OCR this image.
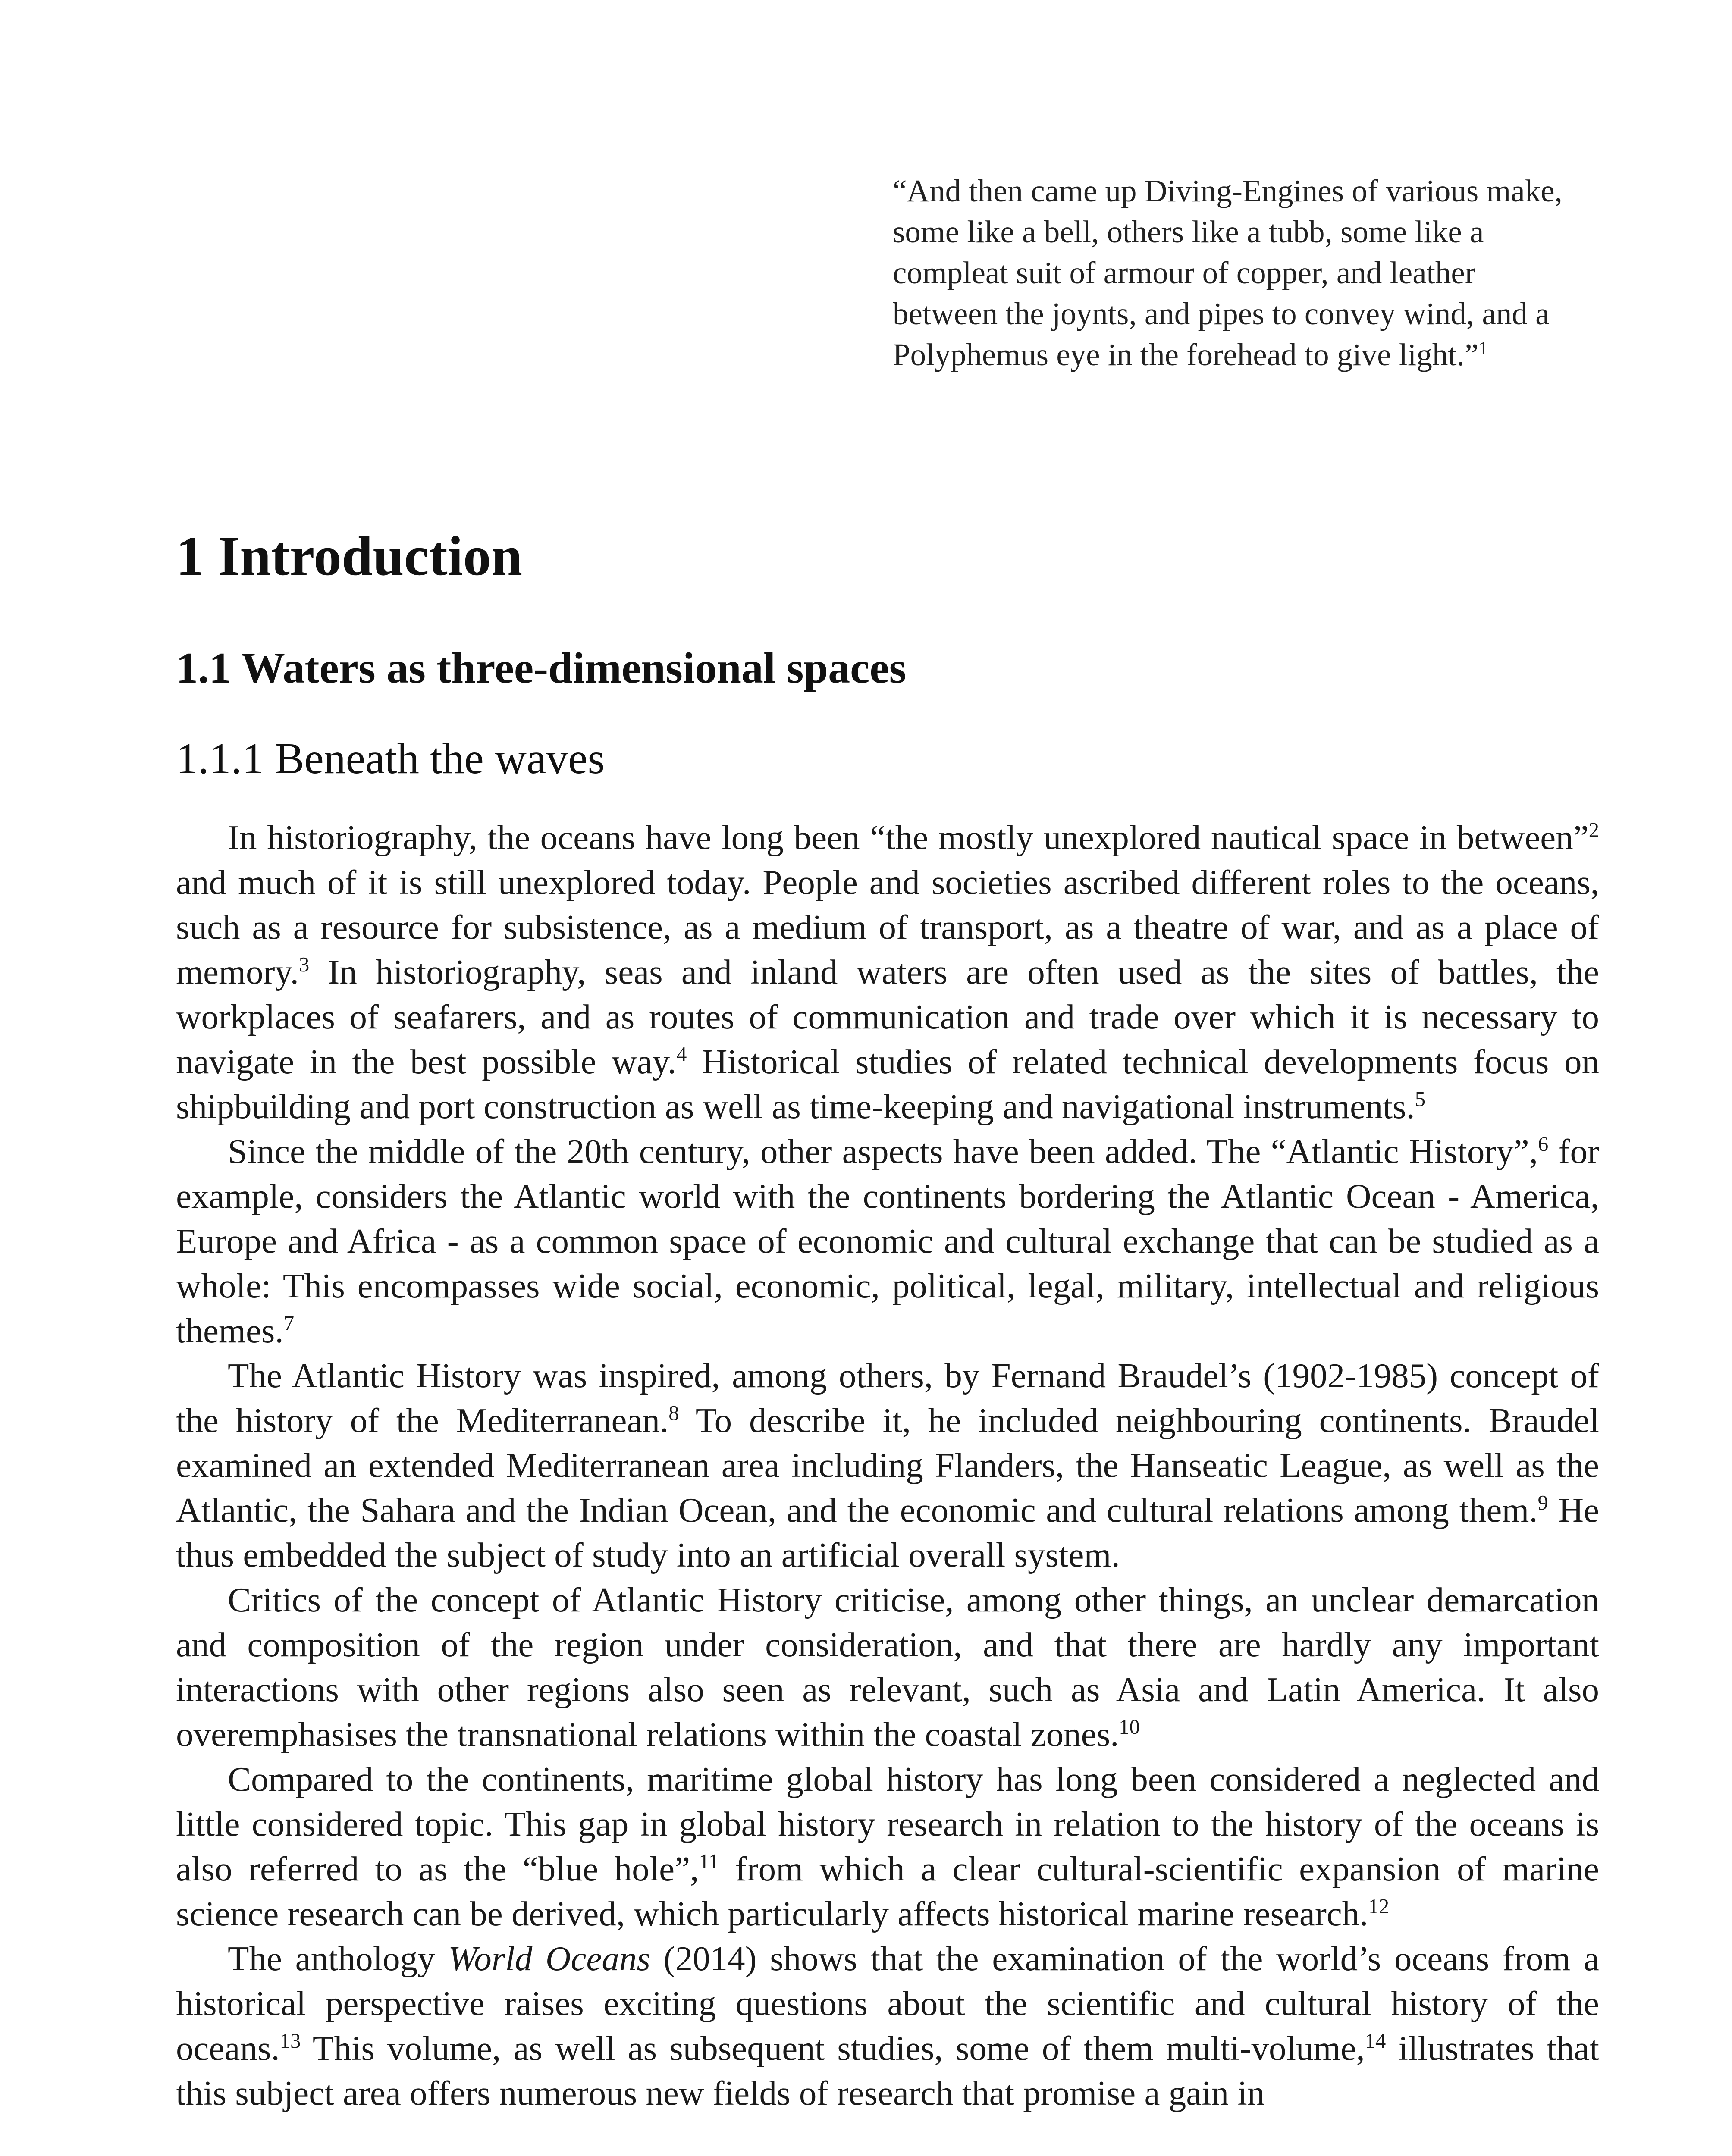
“And then came up Diving-Engines of various make, some like a bell, others like a tubb, some like a compleat suit of armour of copper, and leather between the joynts, and pipes to convey wind, and a Polyphemus eye in the forehead to give light.”$^1$

1 Introduction
1.1 Waters as three-dimensional spaces
1.1.1 Beneath the waves

In historiography, the oceans have long been “the mostly unexplored nautical space in between”$^2$ and much of it is still unexplored today. People and societies ascribed different roles to the oceans, such as a resource for subsistence, as a medium of transport, as a theatre of war, and as a place of memory.$^3$ In historiography, seas and inland waters are often used as the sites of battles, the workplaces of seafarers, and as routes of communication and trade over which it is necessary to navigate in the best possible way.$^4$ Historical studies of related technical developments focus on shipbuilding and port construction as well as time-keeping and navigational instruments.$^5$

Since the middle of the 20th century, other aspects have been added. The “Atlantic History”,$^6$ for example, considers the Atlantic world with the continents bordering the Atlantic Ocean - America, Europe and Africa - as a common space of economic and cultural exchange that can be studied as a whole: This encompasses wide social, economic, political, legal, military, intellectual and religious themes.$^7$

The Atlantic History was inspired, among others, by Fernand Braudel’s (1902-1985) concept of the history of the Mediterranean.$^8$ To describe it, he included neighbouring continents. Braudel examined an extended Mediterranean area including Flanders, the Hanseatic League, as well as the Atlantic, the Sahara and the Indian Ocean, and the economic and cultural relations among them.$^9$ He thus embedded the subject of study into an artificial overall system.

Critics of the concept of Atlantic History criticise, among other things, an unclear demarcation and composition of the region under consideration, and that there are hardly any important interactions with other regions also seen as relevant, such as Asia and Latin America. It also overemphasises the transnational relations within the coastal zones.$^{10}$

Compared to the continents, maritime global history has long been considered a neglected and little considered topic. This gap in global history research in relation to the history of the oceans is also referred to as the “blue hole”,$^{11}$ from which a clear cultural-scientific expansion of marine science research can be derived, which particularly affects historical marine research.$^{12}$

The anthology World Oceans (2014) shows that the examination of the world’s oceans from a historical perspective raises exciting questions about the scientific and cultural history of the oceans.$^{13}$ This volume, as well as subsequent studies, some of them multi-volume,$^{14}$ illustrates that this subject area offers numerous new fields of research that promise a gain in
